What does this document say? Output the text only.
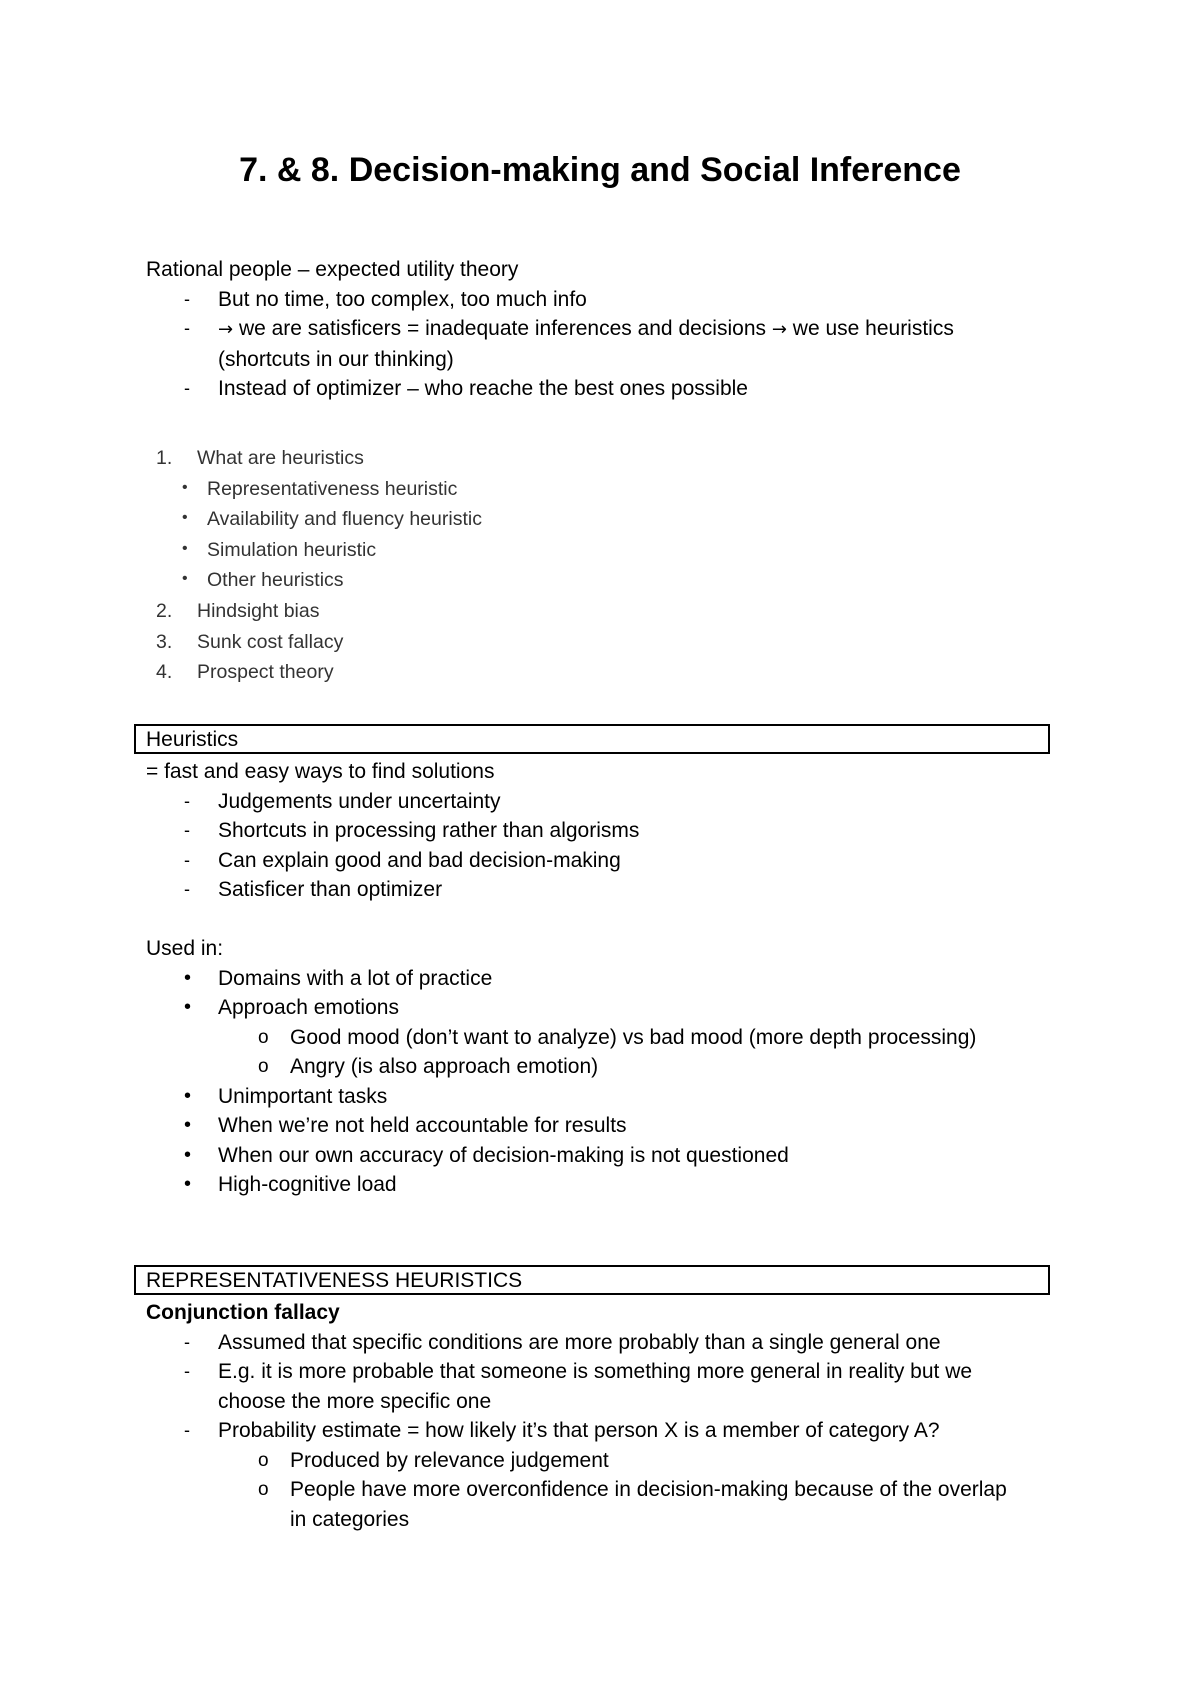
7. & 8. Decision-making and Social Inference
Rational people – expected utility theory
- But no time, too complex, too much info
- → we are satisficers = inadequate inferences and decisions → we use heuristics
(shortcuts in our thinking)
- Instead of optimizer – who reache the best ones possible
1. What are heuristics
• Representativeness heuristic
• Availability and fluency heuristic
• Simulation heuristic
• Other heuristics
2. Hindsight bias
3. Sunk cost fallacy
4. Prospect theory
Heuristics
= fast and easy ways to find solutions
- Judgements under uncertainty
- Shortcuts in processing rather than algorisms
- Can explain good and bad decision-making
- Satisficer than optimizer

Used in:
• Domains with a lot of practice
• Approach emotions
o Good mood (don’t want to analyze) vs bad mood (more depth processing)
o Angry (is also approach emotion)
• Unimportant tasks
• When we’re not held accountable for results
• When our own accuracy of decision-making is not questioned
• High-cognitive load
REPRESENTATIVENESS HEURISTICS
Conjunction fallacy
- Assumed that specific conditions are more probably than a single general one
- E.g. it is more probable that someone is something more general in reality but we
choose the more specific one
- Probability estimate = how likely it’s that person X is a member of category A?
o Produced by relevance judgement
o People have more overconfidence in decision-making because of the overlap
in categories
